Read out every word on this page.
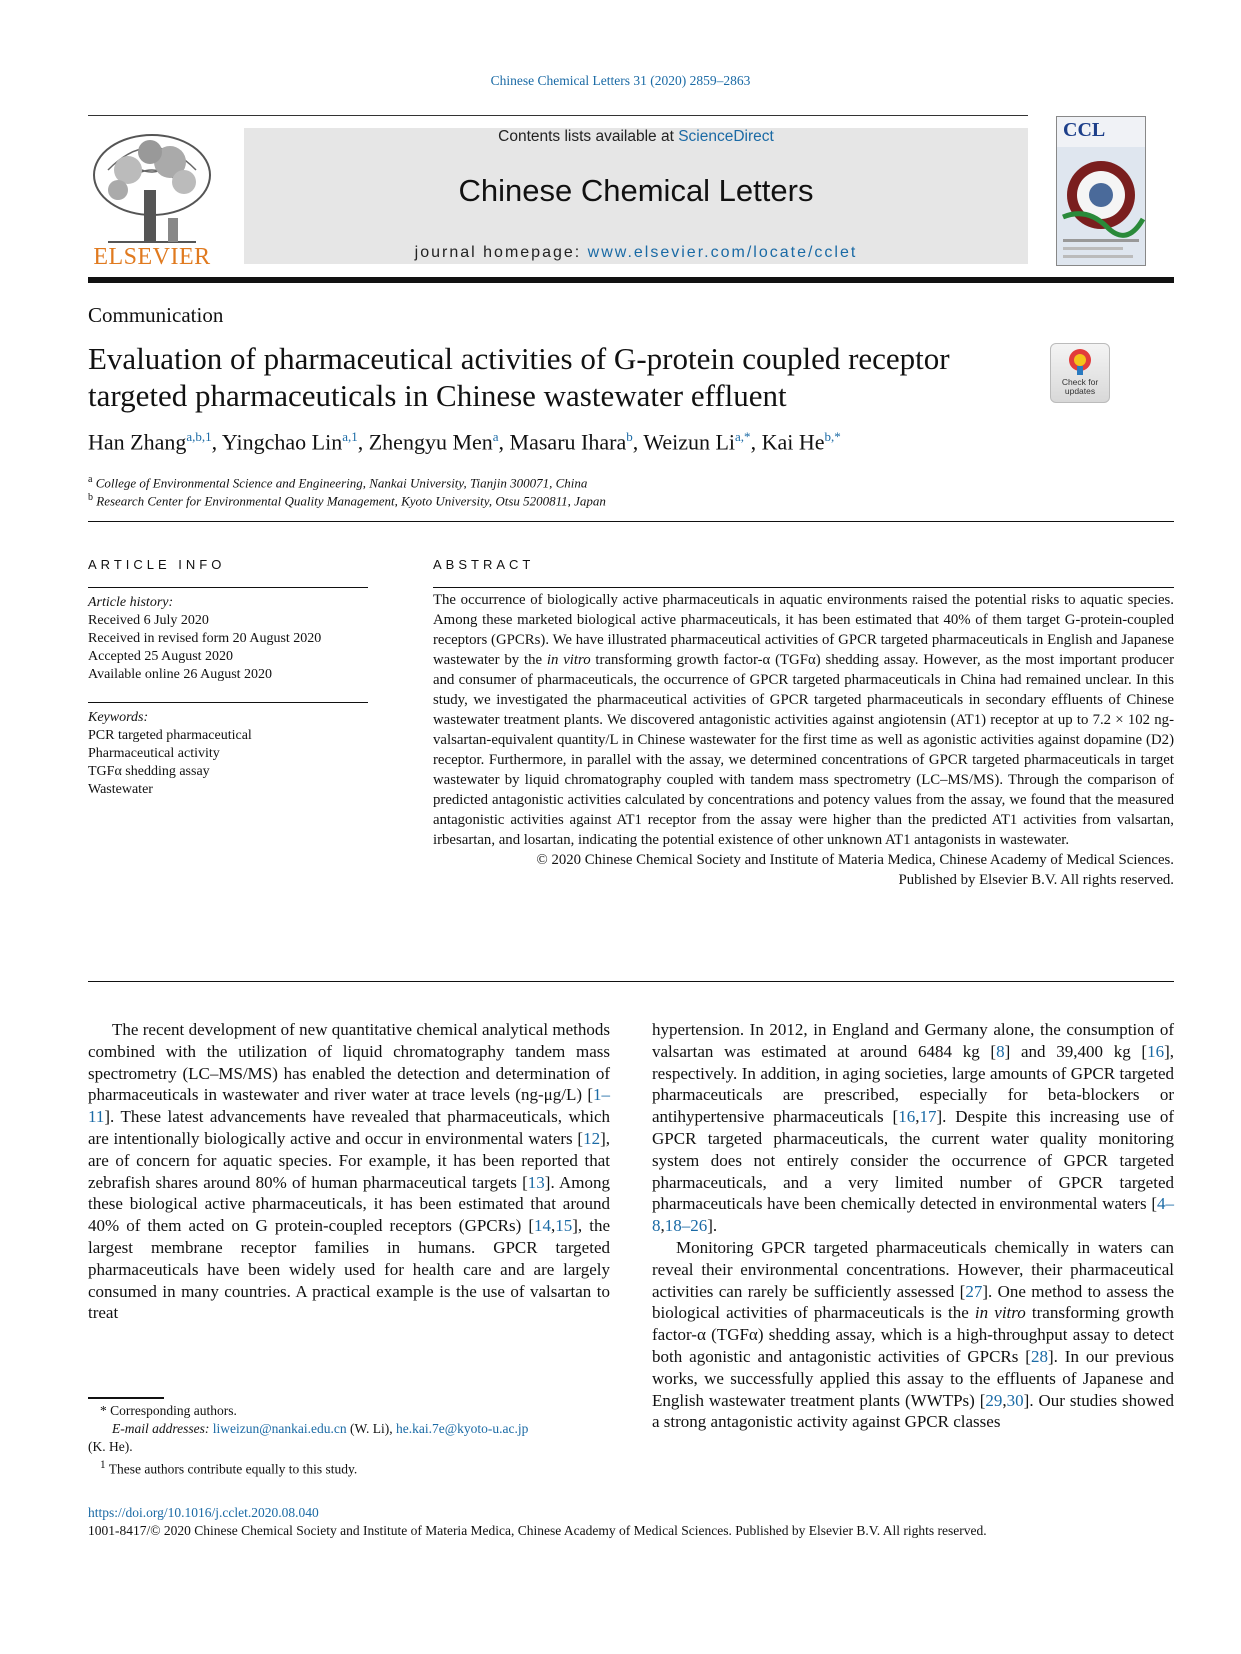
Chinese Chemical Letters 31 (2020) 2859–2863
ELSEVIER
Contents lists available at ScienceDirect
Chinese Chemical Letters
journal homepage: www.elsevier.com/locate/cclet
CCL
Communication
Evaluation of pharmaceutical activities of G-protein coupled receptor targeted pharmaceuticals in Chinese wastewater effluent	Check for
updates
Han Zhang$^{a,b,1}$, Yingchao Lin$^{a,1}$, Zhengyu Men$^a$, Masaru Ihara$^b$, Weizun $Li^{a,*}$, Kai $He^{b,*}$
$^a$ College of Environmental Science and Engineering, Nankai University, Tianjin 300071, China
$^b$ Research Center for Environmental Quality Management, Kyoto University, Otsu 5200811, Japan
ARTICLE INFO	ABSTRACT
Article history:
Received 6 July 2020
Received in revised form 20 August 2020
Accepted 25 August 2020
Available online 26 August 2020
Keywords:
PCR targeted pharmaceutical
Pharmaceutical activity
TGFα shedding assay
Wastewater
The occurrence of biologically active pharmaceuticals in aquatic environments raised the potential risks to aquatic species. Among these marketed biological active pharmaceuticals, it has been estimated that 40% of them target G-protein-coupled receptors (GPCRs). We have illustrated pharmaceutical activities of GPCR targeted pharmaceuticals in English and Japanese wastewater by the in vitro transforming growth factor-α (TGFα) shedding assay. However, as the most important producer and consumer of pharmaceuticals, the occurrence of GPCR targeted pharmaceuticals in China had remained unclear. In this study, we investigated the pharmaceutical activities of GPCR targeted pharmaceuticals in secondary effluents of Chinese wastewater treatment plants. We discovered antagonistic activities against angiotensin (AT1) receptor at up to 7.2 × 102 ng-valsartan-equivalent quantity/L in Chinese wastewater for the first time as well as agonistic activities against dopamine (D2) receptor. Furthermore, in parallel with the assay, we determined concentrations of GPCR targeted pharmaceuticals in target wastewater by liquid chromatography coupled with tandem mass spectrometry (LC–MS/MS). Through the comparison of predicted antagonistic activities calculated by concentrations and potency values from the assay, we found that the measured antagonistic activities against AT1 receptor from the assay were higher than the predicted AT1 activities from valsartan, irbesartan, and losartan, indicating the potential existence of other unknown AT1 antagonists in wastewater.
© 2020 Chinese Chemical Society and Institute of Materia Medica, Chinese Academy of Medical Sciences.
Published by Elsevier B.V. All rights reserved.

The recent development of new quantitative chemical analytical methods combined with the utilization of liquid chromatography tandem mass spectrometry (LC–MS/MS) has enabled the detection and determination of pharmaceuticals in wastewater and river water at trace levels (ng-μg/L) [1–11]. These latest advancements have revealed that pharmaceuticals, which are intentionally biologically active and occur in environmental waters [12], are of concern for aquatic species. For example, it has been reported that zebrafish shares around 80% of human pharmaceutical targets [13]. Among these biological active pharmaceuticals, it has been estimated that around 40% of them acted on G protein-coupled receptors (GPCRs) [14,15], the largest membrane receptor families in humans. GPCR targeted pharmaceuticals have been widely used for health care and are largely consumed in many countries. A practical example is the use of valsartan to treat

hypertension. In 2012, in England and Germany alone, the consumption of valsartan was estimated at around 6484 kg [8] and 39,400 kg [16], respectively. In addition, in aging societies, large amounts of GPCR targeted pharmaceuticals are prescribed, especially for beta-blockers or antihypertensive pharmaceuticals [16,17]. Despite this increasing use of GPCR targeted pharmaceuticals, the current water quality monitoring system does not entirely consider the occurrence of GPCR targeted pharmaceuticals, and a very limited number of GPCR targeted pharmaceuticals have been chemically detected in environmental waters [4–8,18–26].

Monitoring GPCR targeted pharmaceuticals chemically in waters can reveal their environmental concentrations. However, their pharmaceutical activities can rarely be sufficiently assessed [27]. One method to assess the biological activities of pharmaceuticals is the in vitro transforming growth factor-α (TGFα) shedding assay, which is a high-throughput assay to detect both agonistic and antagonistic activities of GPCRs [28]. In our previous works, we successfully applied this assay to the effluents of Japanese and English wastewater treatment plants (WWTPs) [29,30]. Our studies showed a strong antagonistic activity against GPCR classes

* Corresponding authors.
E-mail addresses: liweizun@nankai.edu.cn (W. Li), he.kai.7e@kyoto-u.ac.jp
(K. He).
$^1$ These authors contribute equally to this study.
https://doi.org/10.1016/j.cclet.2020.08.040
1001-8417/© 2020 Chinese Chemical Society and Institute of Materia Medica, Chinese Academy of Medical Sciences. Published by Elsevier B.V. All rights reserved.
